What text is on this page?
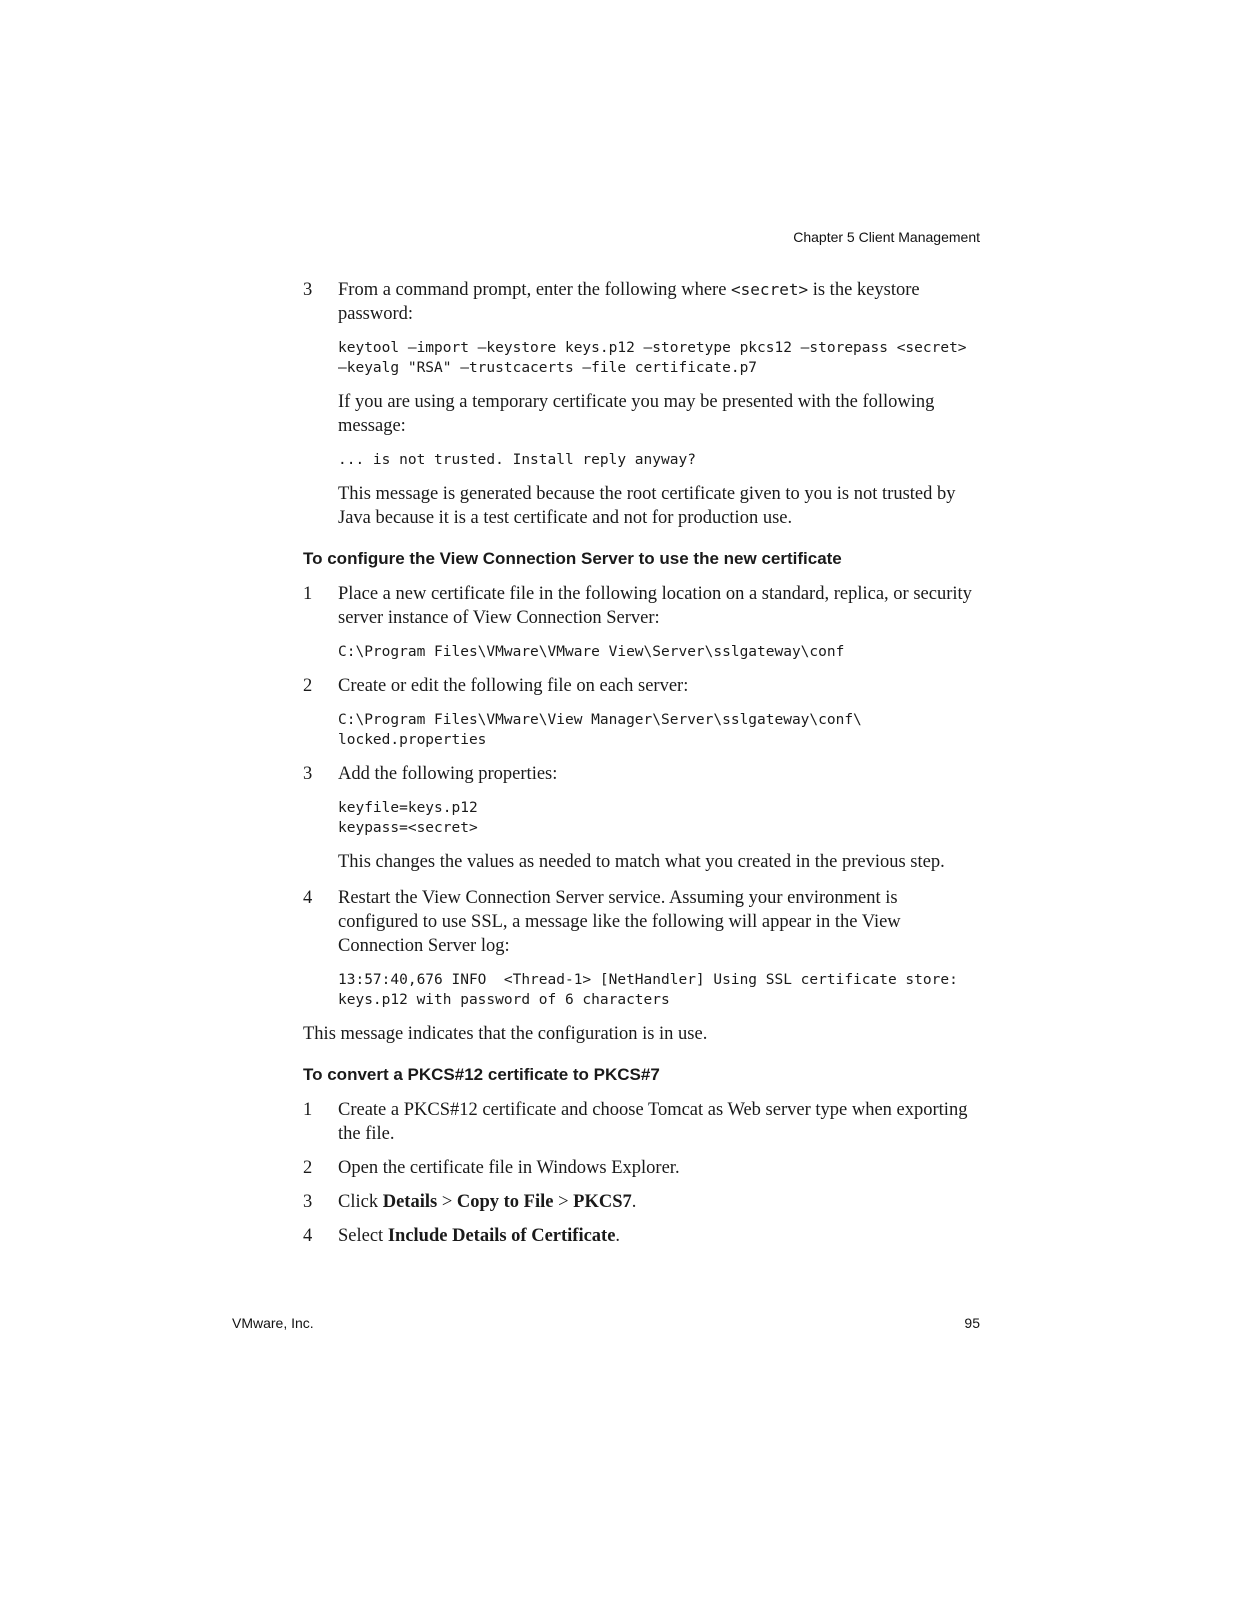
Chapter 5 Client Management
3 From a command prompt, enter the following where <secret> is the keystore password:

keytool –import –keystore keys.p12 –storetype pkcs12 –storepass <secret>

–keyalg "RSA" –trustcacerts –file certificate.p7

If you are using a temporary certificate you may be presented with the following message:

... is not trusted. Install reply anyway?

This message is generated because the root certificate given to you is not trusted by Java because it is a test certificate and not for production use.

To configure the View Connection Server to use the new certificate
1 Place a new certificate file in the following location on a standard, replica, or security server instance of View Connection Server:

C:\Program Files\VMware\VMware View\Server\sslgateway\conf

2 Create or edit the following file on each server:

C:\Program Files\VMware\View Manager\Server\sslgateway\conf\

locked.properties

3 Add the following properties:

keyfile=keys.p12

keypass=<secret>

This changes the values as needed to match what you created in the previous step.

4 Restart the View Connection Server service. Assuming your environment is configured to use SSL, a message like the following will appear in the View Connection Server log:

13:57:40,676 INFO  <Thread-1> [NetHandler] Using SSL certificate store:

keys.p12 with password of 6 characters

This message indicates that the configuration is in use.

To convert a PKCS#12 certificate to PKCS#7
1 Create a PKCS#12 certificate and choose Tomcat as Web server type when exporting the file.

2 Open the certificate file in Windows Explorer.

3 Click Details > Copy to File > PKCS7.

4 Select Include Details of Certificate.

VMware, Inc.	95
